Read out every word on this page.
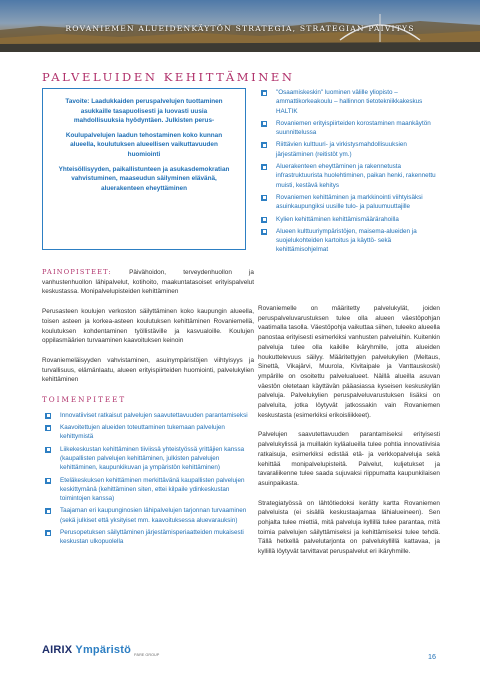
ROVANIEMEN ALUEIDENKÄYTÖN STRATEGIA, STRATEGIAN PÄIVITYS
PALVELUIDEN KEHITTÄMINEN

Tavoite: Laadukkaiden peruspalvelujen tuottaminen asukkaille tasapuolisesti ja luovasti uusia mahdollisuuksia hyödyntäen. Julkisten perus-

Koulupalvelujen laadun tehostaminen koko kunnan alueella, koulutuksen alueellisen vaikuttavuuden huomiointi

Yhteisöllisyyden, paikallistunteen ja asukasdemokratian vahvistuminen, maaseudun säilyminen elävänä, aluerakenteen eheyttäminen

PAINOPISTEET: Päivähoidon, terveydenhuollon ja vanhustenhuollon lähipalvelut, kotihoito, maakuntatasoiset erityispalvelut keskustassa. Monipalvelupisteiden kehittäminen

Perusasteen koulujen verkoston säilyttäminen koko kaupungin alueella, toisen asteen ja korkea-asteen koulutuksen kehittäminen Rovaniemellä, koulutuksen kohdentaminen työllistäville ja kasvualoille. Koulujen oppilasmäärien turvaaminen kaavoituksen keinoin

Rovaniemeläisyyden vahvistaminen, asuinympäristöjen viihtyisyys ja turvallisuus, elämänlaatu, alueen erityispiirteiden huomiointi, palvelukylien kehittäminen

TOIMENPITEET
Innovatiiviset ratkaisut palvelujen saavutettavuuden parantamiseksi
Kaavoitettujen alueiden toteuttaminen tukemaan palvelujen kehittymistä
Liikekeskustan kehittäminen tiiviissä yhteistyössä yrittäjien kanssa (kaupallisten palvelujen kehittäminen, julkisten palvelujen kehittäminen, kaupunkikuvan ja ympäristön kehittäminen)
Eteläkeskuksen kehittäminen merkittävänä kaupallisten palvelujen keskittymänä (kehittäminen siten, ettei kilpaile ydinkeskustan toimintojen kanssa)
Taajaman eri kaupunginosien lähipalvelujen tarjonnan turvaaminen (sekä julkiset että yksityiset mm. kaavoituksessa aluevarauksin)
Perusopetuksen säilyttäminen järjestämisperiaatteiden mukaisesti keskustan ulkopuolella
"Osaamiskeskin" luominen välille yliopisto – ammattikorkeakoulu – hallinnon tietotekniikkakeskus HALTIK
Rovaniemen erityispiirteiden korostaminen maankäytön suunnittelussa
Riittävien kulttuuri- ja virkistysmahdollisuuksien järjestäminen (reitistöt ym.)
Aluerakenteen eheyttäminen ja rakennetusta infrastruktuurista huolehtiminen, paikan henki, rakennettu muisti, kestävä kehitys
Rovaniemen kehittäminen ja markkinointi viihtyisäksi asuinkaupungiksi uusille tulo- ja paluumuuttajille
Kylien kehittäminen kehittämismäärärahoilla
Alueen kulttuuriympäristöjen, maisema-alueiden ja suojelukohteiden kartoitus ja käyttö- sekä kehittämisohjelmat

Rovaniemelle on määritetty palvelukylät, joiden peruspalveluvarustuksen tulee olla alueen väestöpohjan vaatimalla tasolla. Väestöpohja vaikuttaa siihen, tuleeko alueella panostaa erityisesti esimerkiksi vanhusten palveluihin. Kuitenkin palveluja tulee olla kaikille ikäryhmille, jotta alueiden houkuttelevuus säilyy. Määritettyjen palvelukylien (Meltaus, Sinettä, Vikajärvi, Muurola, Kivitaipale ja Vanttauskoski) ympärille on osoitettu palvelualueet. Näillä alueilla asuvan väestön oletetaan käyttävän pääasiassa kyseisen keskuskylän palveluja. Palvelukylien peruspalveluvarustuksen lisäksi on palveluita, jotka löytyvät jatkossakin vain Rovaniemen keskustasta (esimerkiksi erikoisliikkeet).

Palvelujen saavutettavuuden parantamiseksi erityisesti palvelukylissä ja muillakin kyläalueilla tulee pohtia innovatiivisia ratkaisuja, esimerkiksi edistää etä- ja verkkopalveluja sekä kehittää monipalvelupisteitä. Palvelut, kuljetukset ja tavaraliikenne tulee saada sujuvaksi riippumatta kaupunkilaisen asuinpaikasta.

Strategiatyössä on lähtötiedoksi kerätty kartta Rovaniemen palveluista (ei sisällä keskustaajamaa lähialueineen). Sen pohjalta tulee miettiä, mitä palveluja kyllillä tulee parantaa, mitä toimia palvelujen säilyttämiseksi ja kehittämiseksi tulee tehdä. Tällä hetkellä palvelutarjonta on palvelukyllillä kattavaa, ja kyllillä löytyvät tarvittavat peruspalvelut eri ikäryhmille.

AIRIX Ympäristö PÄRE GROUP	16
